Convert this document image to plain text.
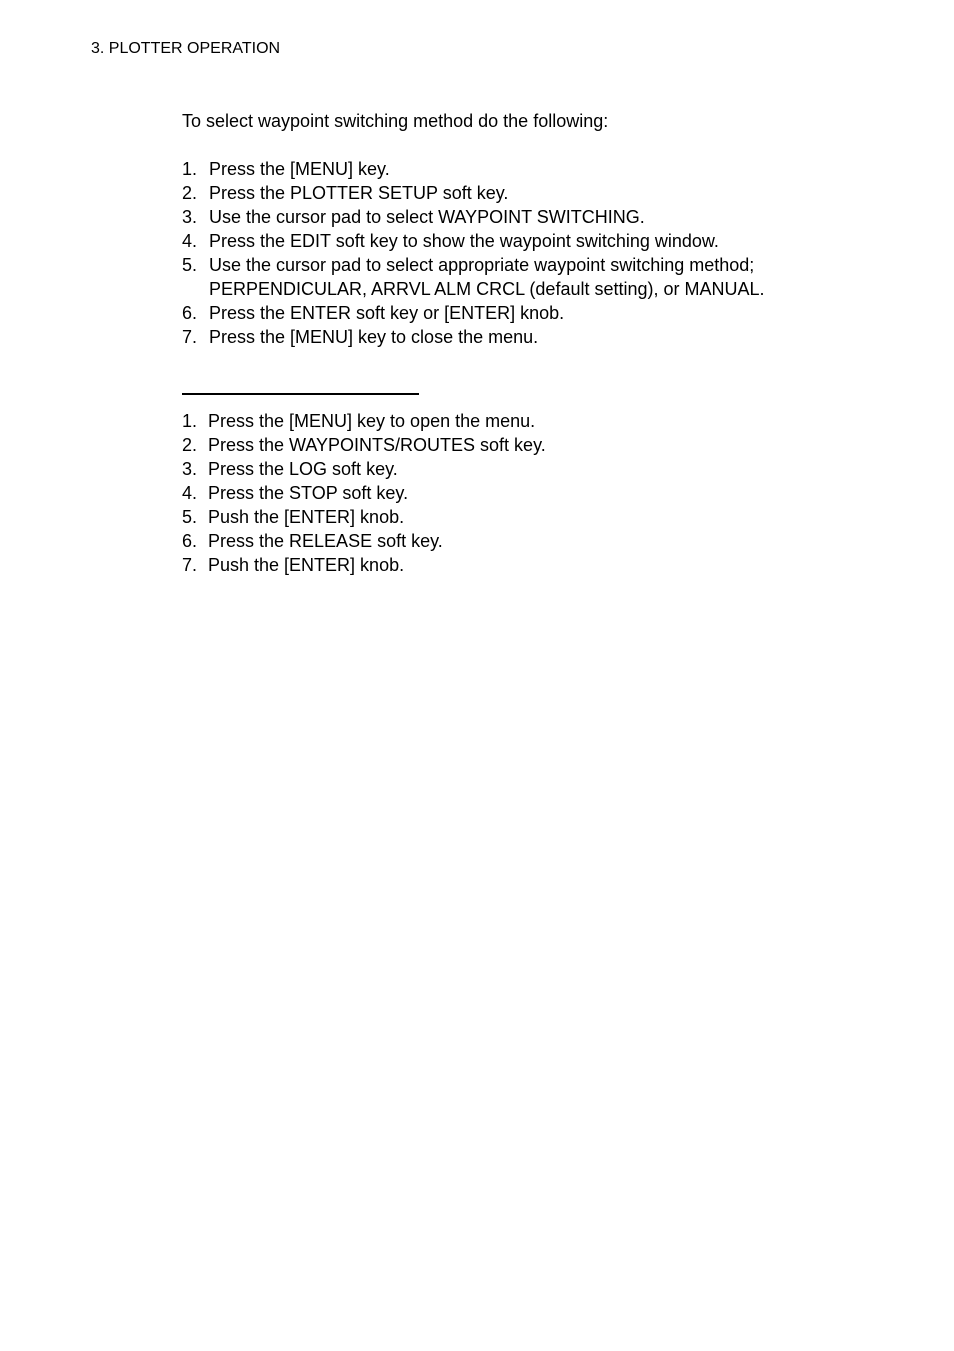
3. PLOTTER OPERATION
To select waypoint switching method do the following:
1. Press the [MENU] key.
2. Press the PLOTTER SETUP soft key.
3. Use the cursor pad to select WAYPOINT SWITCHING.
4. Press the EDIT soft key to show the waypoint switching window.
5. Use the cursor pad to select appropriate waypoint switching method;
PERPENDICULAR, ARRVL ALM CRCL (default setting), or MANUAL.
6. Press the ENTER soft key or [ENTER] knob.
7. Press the [MENU] key to close the menu.
1. Press the [MENU] key to open the menu.
2. Press the WAYPOINTS/ROUTES soft key.
3. Press the LOG soft key.
4. Press the STOP soft key.
5. Push the [ENTER] knob.
6. Press the RELEASE soft key.
7. Push the [ENTER] knob.
